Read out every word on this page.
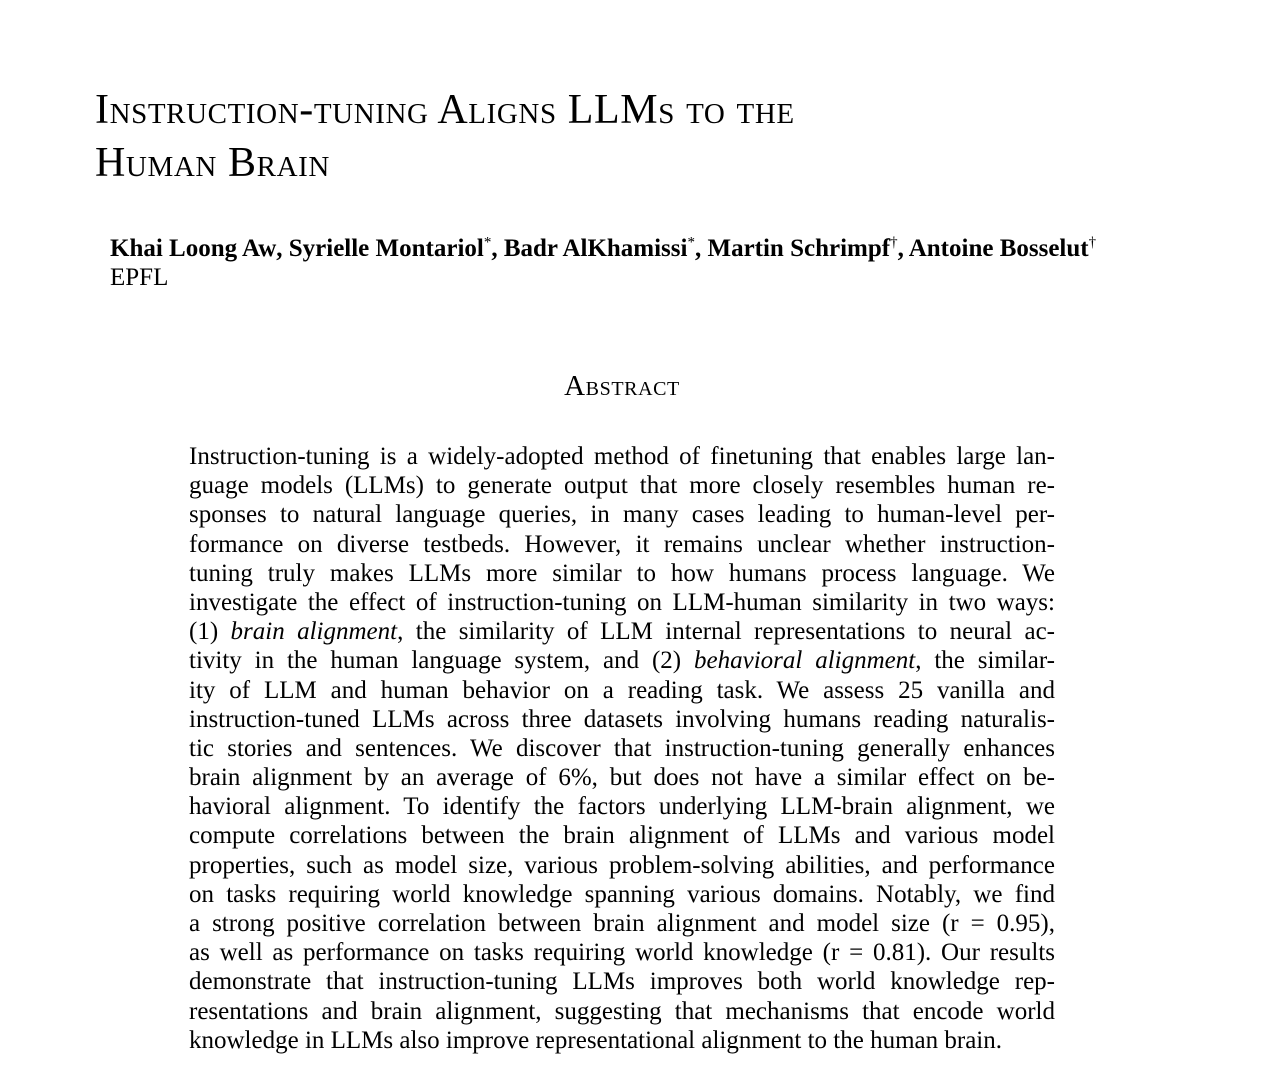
Instruction-tuning Aligns LLMs to the
Human Brain
Khai Loong Aw, Syrielle Montariol*, Badr AlKhamissi*, Martin Schrimpf†, Antoine Bosselut†
EPFL
Abstract
Instruction-tuning is a widely-adopted method of finetuning that enables large lan-
guage models (LLMs) to generate output that more closely resembles human re-
sponses to natural language queries, in many cases leading to human-level per-
formance on diverse testbeds. However, it remains unclear whether instruction-
tuning truly makes LLMs more similar to how humans process language. We
investigate the effect of instruction-tuning on LLM-human similarity in two ways:
(1) brain alignment, the similarity of LLM internal representations to neural ac-
tivity in the human language system, and (2) behavioral alignment, the similar-
ity of LLM and human behavior on a reading task. We assess 25 vanilla and
instruction-tuned LLMs across three datasets involving humans reading naturalis-
tic stories and sentences. We discover that instruction-tuning generally enhances
brain alignment by an average of 6%, but does not have a similar effect on be-
havioral alignment. To identify the factors underlying LLM-brain alignment, we
compute correlations between the brain alignment of LLMs and various model
properties, such as model size, various problem-solving abilities, and performance
on tasks requiring world knowledge spanning various domains. Notably, we find
a strong positive correlation between brain alignment and model size (r = 0.95),
as well as performance on tasks requiring world knowledge (r = 0.81). Our results
demonstrate that instruction-tuning LLMs improves both world knowledge rep-
resentations and brain alignment, suggesting that mechanisms that encode world
knowledge in LLMs also improve representational alignment to the human brain.
